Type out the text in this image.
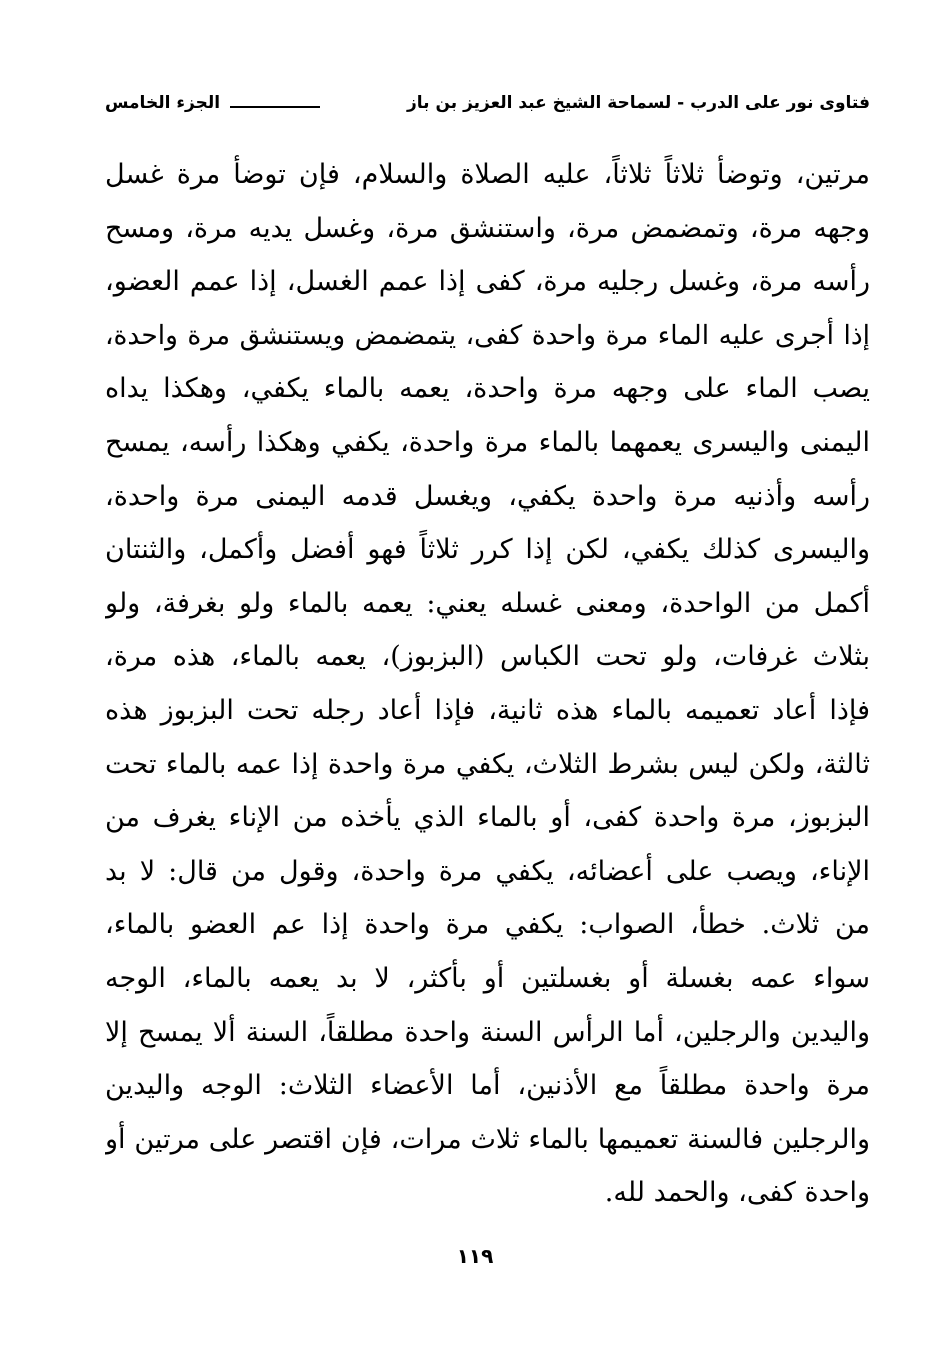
فتاوى نور على الدرب - لسماحة الشيخ عبد العزيز بن باز
الجزء الخامس
مرتين، وتوضأ ثلاثاً ثلاثاً، عليه الصلاة والسلام، فإن توضأ مرة غسل
وجهه مرة، وتمضمض مرة، واستنشق مرة، وغسل يديه مرة، ومسح
رأسه مرة، وغسل رجليه مرة، كفى إذا عمم الغسل، إذا عمم العضو،
إذا أجرى عليه الماء مرة واحدة كفى، يتمضمض ويستنشق مرة واحدة،
يصب الماء على وجهه مرة واحدة، يعمه بالماء يكفي، وهكذا يداه
اليمنى واليسرى يعمهما بالماء مرة واحدة، يكفي وهكذا رأسه، يمسح
رأسه وأذنيه مرة واحدة يكفي، ويغسل قدمه اليمنى مرة واحدة،
واليسرى كذلك يكفي، لكن إذا كرر ثلاثاً فهو أفضل وأكمل، والثنتان
أكمل من الواحدة، ومعنى غسله يعني: يعمه بالماء ولو بغرفة، ولو
بثلاث غرفات، ولو تحت الكباس (البزبوز)، يعمه بالماء، هذه مرة،
فإذا أعاد تعميمه بالماء هذه ثانية، فإذا أعاد رجله تحت البزبوز هذه
ثالثة، ولكن ليس بشرط الثلاث، يكفي مرة واحدة إذا عمه بالماء تحت
البزبوز، مرة واحدة كفى، أو بالماء الذي يأخذه من الإناء يغرف من
الإناء، ويصب على أعضائه، يكفي مرة واحدة، وقول من قال: لا بد
من ثلاث. خطأ، الصواب: يكفي مرة واحدة إذا عم العضو بالماء،
سواء عمه بغسلة أو بغسلتين أو بأكثر، لا بد يعمه بالماء، الوجه
واليدين والرجلين، أما الرأس السنة واحدة مطلقاً، السنة ألا يمسح إلا
مرة واحدة مطلقاً مع الأذنين، أما الأعضاء الثلاث: الوجه واليدين
والرجلين فالسنة تعميمها بالماء ثلاث مرات، فإن اقتصر على مرتين أو
واحدة كفى، والحمد لله.
١١٩
